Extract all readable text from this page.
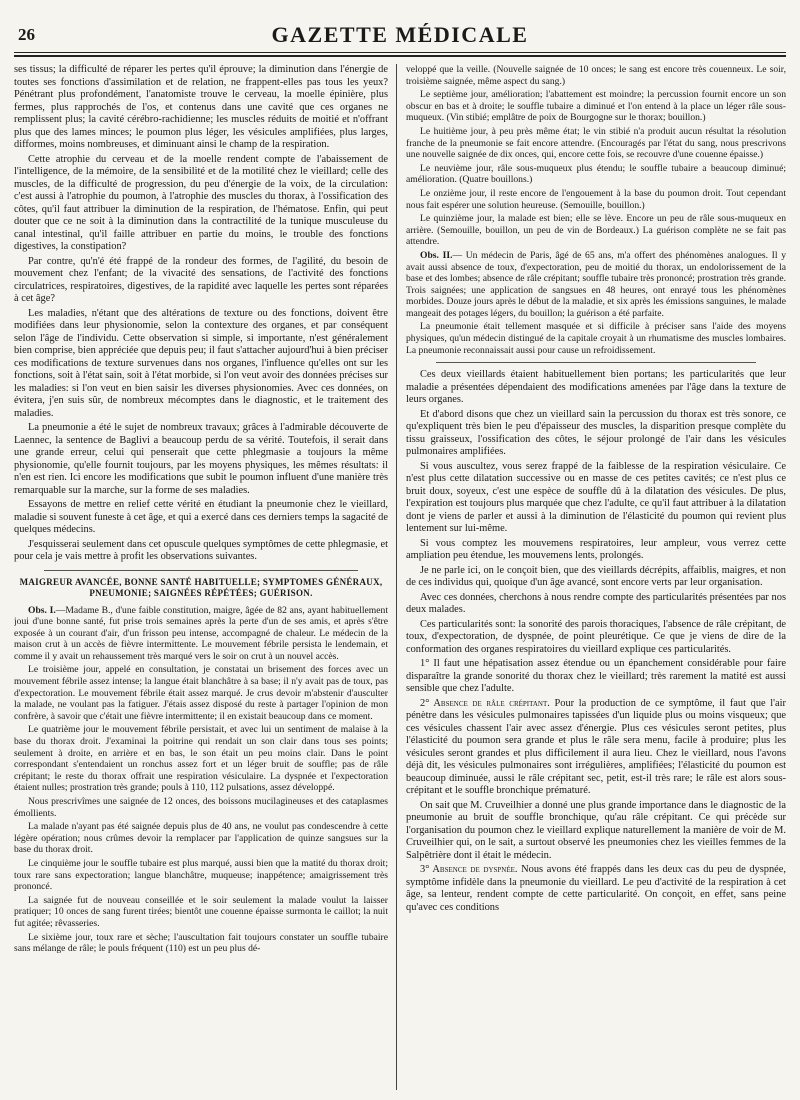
26	GAZETTE MÉDICALE

ses tissus; la difficulté de réparer les pertes qu'il éprouve; la diminution dans l'énergie de toutes ses fonctions d'assimilation et de relation, ne frappent-elles pas tous les yeux? Pénétrant plus profondément, l'anatomiste trouve le cerveau, la moelle épinière, plus fermes, plus rapprochés de l'os, et contenus dans une cavité que ces organes ne remplissent plus; la cavité cérébro-rachidienne; les muscles réduits de moitié et n'offrant plus que des lames minces; le poumon plus léger, les vésicules amplifiées, plus larges, difformes, moins nombreuses, et diminuant ainsi le champ de la respiration.

Cette atrophie du cerveau et de la moelle rendent compte de l'abaissement de l'intelligence, de la mémoire, de la sensibilité et de la motilité chez le vieillard; celle des muscles, de la difficulté de progression, du peu d'énergie de la voix, de la circulation: c'est aussi à l'atrophie du poumon, à l'atrophie des muscles du thorax, à l'ossification des côtes, qu'il faut attribuer la diminution de la respiration, de l'hématose. Enfin, qui peut douter que ce ne soit à la diminution dans la contractilité de la tunique musculeuse du canal intestinal, qu'il faille attribuer en partie du moins, le trouble des fonctions digestives, la constipation?

Par contre, qu'n'é été frappé de la rondeur des formes, de l'agilité, du besoin de mouvement chez l'enfant; de la vivacité des sensations, de l'activité des fonctions circulatrices, respiratoires, digestives, de la rapidité avec laquelle les pertes sont réparées à cet âge?

Les maladies, n'étant que des altérations de texture ou des fonctions, doivent être modifiées dans leur physionomie, selon la contexture des organes, et par conséquent selon l'âge de l'individu. Cette observation si simple, si importante, n'est généralement bien comprise, bien appréciée que depuis peu; il faut s'attacher aujourd'hui à bien préciser ces modifications de texture survenues dans nos organes, l'influence qu'elles ont sur les fonctions, soit à l'état sain, soit à l'état morbide, si l'on veut avoir des données précises sur les maladies: si l'on veut en bien saisir les diverses physionomies. Avec ces données, on évitera, j'en suis sûr, de nombreux mécomptes dans le diagnostic, et le traitement des maladies.

La pneumonie a été le sujet de nombreux travaux; grâces à l'admirable découverte de Laennec, la sentence de Baglivi a beaucoup perdu de sa vérité. Toutefois, il serait dans une grande erreur, celui qui penserait que cette phlegmasie a toujours la même physionomie, qu'elle fournit toujours, par les moyens physiques, les mêmes résultats: il n'en est rien. Ici encore les modifications que subit le poumon influent d'une manière très remarquable sur la marche, sur la forme de ses maladies.

Essayons de mettre en relief cette vérité en étudiant la pneumonie chez le vieillard, maladie si souvent funeste à cet âge, et qui a exercé dans ces derniers temps la sagacité de quelques médecins.

J'esquisserai seulement dans cet opuscule quelques symptômes de cette phlegmasie, et pour cela je vais mettre à profit les observations suivantes.

MAIGREUR AVANCÉE, BONNE SANTÉ HABITUELLE; SYMPTOMES GÉNÉRAUX, PNEUMONIE; SAIGNÉES RÉPÉTÉES; GUÉRISON.

Obs. I.—Madame B., d'une faible constitution, maigre, âgée de 82 ans, ayant habituellement joui d'une bonne santé, fut prise trois semaines après la perte d'un de ses amis, et après s'être exposée à un courant d'air, d'un frisson peu intense, accompagné de chaleur. Le médecin de la maison crut à un accès de fièvre intermittente. Le mouvement fébrile persista le lendemain, et comme il y avait un rehaussement très marqué vers le soir on crut à un nouvel accès.

Le troisième jour, appelé en consultation, je constatai un brisement des forces avec un mouvement fébrile assez intense; la langue était blanchâtre à sa base; il n'y avait pas de toux, pas d'expectoration. Le mouvement fébrile était assez marqué. Je crus devoir m'abstenir d'ausculter la malade, ne voulant pas la fatiguer. J'étais assez disposé du reste à partager l'opinion de mon confrère, à savoir que c'était une fièvre intermittente; il en existait beaucoup dans ce moment.

Le quatrième jour le mouvement fébrile persistait, et avec lui un sentiment de malaise à la base du thorax droit. J'examinai la poitrine qui rendait un son clair dans tous ses points; seulement à droite, en arrière et en bas, le son était un peu moins clair. Dans le point correspondant s'entendaient un ronchus assez fort et un léger bruit de souffle; pas de râle crépitant; le reste du thorax offrait une respiration vésiculaire. La dyspnée et l'expectoration étaient nulles; prostration très grande; pouls à 110, 112 pulsations, assez développé.

Nous prescrivîmes une saignée de 12 onces, des boissons mucilagineuses et des cataplasmes émollients.

La malade n'ayant pas été saignée depuis plus de 40 ans, ne voulut pas condescendre à cette légère opération; nous crûmes devoir la remplacer par l'application de quinze sangsues sur la base du thorax droit.

Le cinquième jour le souffle tubaire est plus marqué, aussi bien que la matité du thorax droit; toux rare sans expectoration; langue blanchâtre, muqueuse; inappétence; amaigrissement très prononcé.

La saignée fut de nouveau conseillée et le soir seulement la malade voulut la laisser pratiquer; 10 onces de sang furent tirées; bientôt une couenne épaisse surmonta le caillot; la nuit fut agitée; rêvasseries.

Le sixième jour, toux rare et sèche; l'auscultation fait toujours constater un souffle tubaire sans mélange de râle; le pouls fréquent (110) est un peu plus dé-

veloppé que la veille. (Nouvelle saignée de 10 onces; le sang est encore très couenneux. Le soir, troisième saignée, même aspect du sang.)

Le septième jour, amélioration; l'abattement est moindre; la percussion fournit encore un son obscur en bas et à droite; le souffle tubaire a diminué et l'on entend à la place un léger râle sous-muqueux. (Vin stibié; emplâtre de poix de Bourgogne sur le thorax; bouillon.)

Le huitième jour, à peu près même état; le vin stibié n'a produit aucun résultat la résolution franche de la pneumonie se fait encore attendre. (Encouragés par l'état du sang, nous prescrivons une nouvelle saignée de dix onces, qui, encore cette fois, se recouvre d'une couenne épaisse.)

Le neuvième jour, râle sous-muqueux plus étendu; le souffle tubaire a beaucoup diminué; amélioration. (Quatre bouillons.)

Le onzième jour, il reste encore de l'engouement à la base du poumon droit. Tout cependant nous fait espérer une solution heureuse. (Semouille, bouillon.)

Le quinzième jour, la malade est bien; elle se lève. Encore un peu de râle sous-muqueux en arrière. (Semouille, bouillon, un peu de vin de Bordeaux.) La guérison complète ne se fait pas attendre.

Obs. II.— Un médecin de Paris, âgé de 65 ans, m'a offert des phénomènes analogues. Il y avait aussi absence de toux, d'expectoration, peu de moitié du thorax, un endolorissement de la base et des lombes; absence de râle crépitant; souffle tubaire très prononcé; prostration très grande. Trois saignées; une application de sangsues en 48 heures, ont enrayé tous les phénomènes morbides. Douze jours après le début de la maladie, et six après les émissions sanguines, le malade mangeait des potages légers, du bouillon; la guérison a été parfaite.

La pneumonie était tellement masquée et si difficile à préciser sans l'aide des moyens physiques, qu'un médecin distingué de la capitale croyait à un rhumatisme des muscles lombaires. La pneumonie reconnaissait aussi pour cause un refroidissement.

Ces deux vieillards étaient habituellement bien portans; les particularités que leur maladie a présentées dépendaient des modifications amenées par l'âge dans la texture de leurs organes.

Et d'abord disons que chez un vieillard sain la percussion du thorax est très sonore, ce qu'expliquent très bien le peu d'épaisseur des muscles, la disparition presque complète du tissu graisseux, l'ossification des côtes, le séjour prolongé de l'air dans les vésicules pulmonaires amplifiées.

Si vous auscultez, vous serez frappé de la faiblesse de la respiration vésiculaire. Ce n'est plus cette dilatation successive ou en masse de ces petites cavités; ce n'est plus ce bruit doux, soyeux, c'est une espèce de souffle dû à la dilatation des vésicules. De plus, l'expiration est toujours plus marquée que chez l'adulte, ce qu'il faut attribuer à la dilatation dont je viens de parler et aussi à la diminution de l'élasticité du poumon qui revient plus lentement sur lui-même.

Si vous comptez les mouvemens respiratoires, leur ampleur, vous verrez cette ampliation peu étendue, les mouvemens lents, prolongés.

Je ne parle ici, on le conçoit bien, que des vieillards décrépits, affaiblis, maigres, et non de ces individus qui, quoique d'un âge avancé, sont encore verts par leur organisation.

Avec ces données, cherchons à nous rendre compte des particularités présentées par nos deux malades.

Ces particularités sont: la sonorité des parois thoraciques, l'absence de râle crépitant, de toux, d'expectoration, de dyspnée, de point pleurétique. Ce que je viens de dire de la conformation des organes respiratoires du vieillard explique ces particularités.

1° Il faut une hépatisation assez étendue ou un épanchement considérable pour faire disparaître la grande sonorité du thorax chez le vieillard; très rarement la matité est aussi sensible que chez l'adulte.

2° Absence de râle crépitant. Pour la production de ce symptôme, il faut que l'air pénètre dans les vésicules pulmonaires tapissées d'un liquide plus ou moins visqueux; que ces vésicules chassent l'air avec assez d'énergie. Plus ces vésicules seront petites, plus l'élasticité du poumon sera grande et plus le râle sera menu, facile à produire; plus les vésicules seront grandes et plus difficilement il aura lieu. Chez le vieillard, nous l'avons déjà dit, les vésicules pulmonaires sont irrégulières, amplifiées; l'élasticité du poumon est beaucoup diminuée, aussi le râle crépitant sec, petit, est-il très rare; le râle est alors sous-crépitant et le souffle bronchique prématuré.

On sait que M. Cruveilhier a donné une plus grande importance dans le diagnostic de la pneumonie au bruit de souffle bronchique, qu'au râle crépitant. Ce qui précède sur l'organisation du poumon chez le vieillard explique naturellement la manière de voir de M. Cruveilhier qui, on le sait, a surtout observé les pneumonies chez les vieilles femmes de la Salpêtrière dont il était le médecin.

3° Absence de dyspnée. Nous avons été frappés dans les deux cas du peu de dyspnée, symptôme infidèle dans la pneumonie du vieillard. Le peu d'activité de la respiration à cet âge, sa lenteur, rendent compte de cette particularité. On conçoit, en effet, sans peine qu'avec ces conditions
